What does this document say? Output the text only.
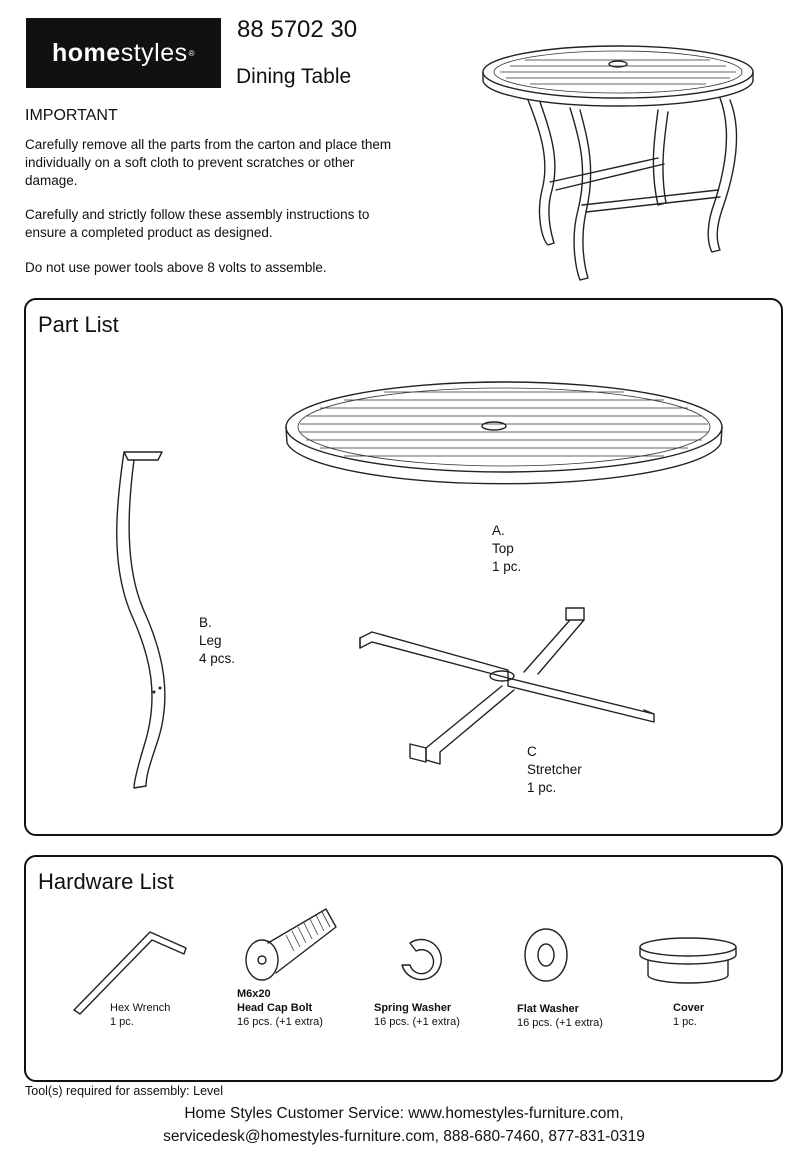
home styles ®
88 5702 30
Dining Table
IMPORTANT
Carefully remove all the parts from the carton and place them individually on a soft cloth to prevent scratches or other damage.
Carefully and strictly follow these assembly instructions to ensure a completed product as designed.
Do not use power tools above 8 volts to assemble.
Part List
A.
Top
1 pc.
B.
Leg
4 pcs.
C
Stretcher
1 pc.
Hardware List
Hex Wrench
1 pc.
M6x20
Head Cap Bolt
16 pcs. (+1 extra)
Spring Washer
16 pcs. (+1 extra)
Flat Washer
16 pcs. (+1 extra)
Cover
1 pc.
Tool(s) required for assembly: Level
Home Styles Customer Service: www.homestyles-furniture.com,
servicedesk@homestyles-furniture.com, 888-680-7460, 877-831-0319
